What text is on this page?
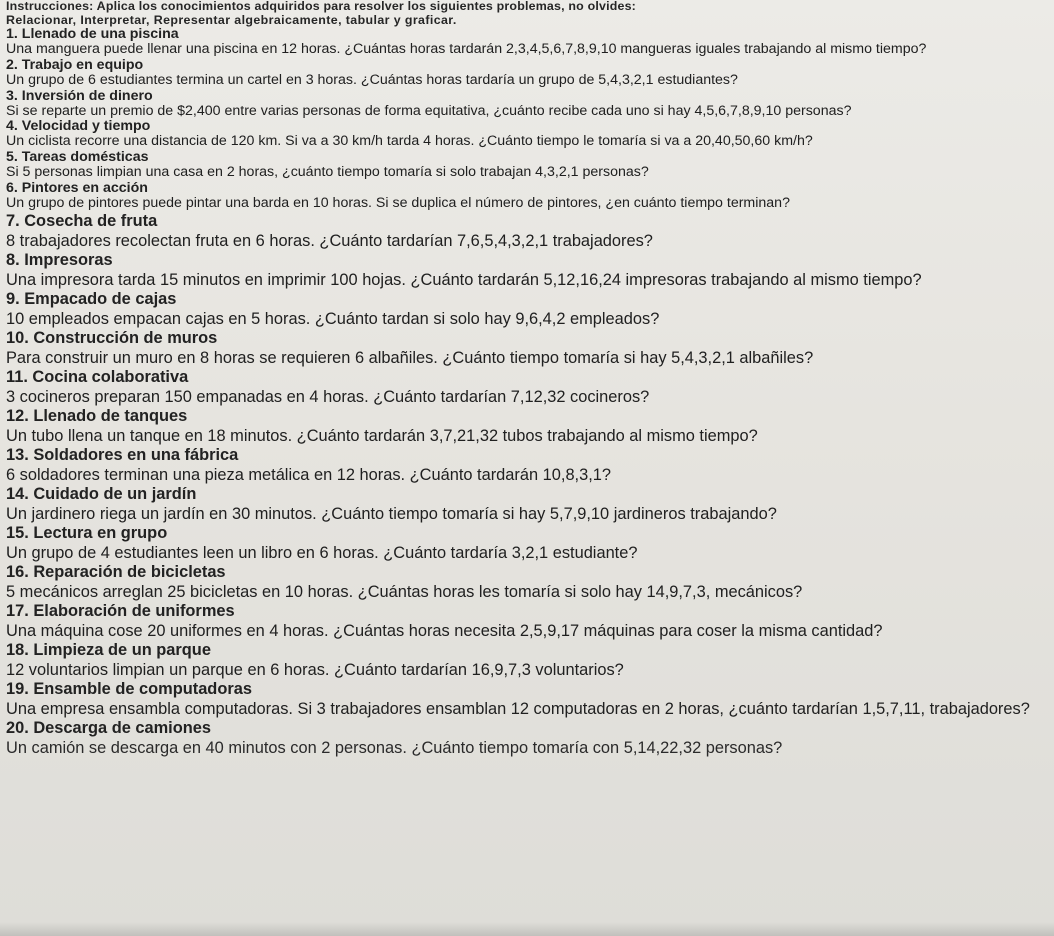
Instrucciones: Aplica los conocimientos adquiridos para resolver los siguientes problemas, no olvides:
Relacionar, Interpretar, Representar algebraicamente, tabular y graficar.
1. Llenado de una piscina
Una manguera puede llenar una piscina en 12 horas. ¿Cuántas horas tardarán 2,3,4,5,6,7,8,9,10 mangueras iguales trabajando al mismo tiempo?
2. Trabajo en equipo
Un grupo de 6 estudiantes termina un cartel en 3 horas. ¿Cuántas horas tardaría un grupo de 5,4,3,2,1 estudiantes?
3. Inversión de dinero
Si se reparte un premio de $2,400 entre varias personas de forma equitativa, ¿cuánto recibe cada uno si hay 4,5,6,7,8,9,10 personas?
4. Velocidad y tiempo
Un ciclista recorre una distancia de 120 km. Si va a 30 km/h tarda 4 horas. ¿Cuánto tiempo le tomaría si va a 20,40,50,60 km/h?
5. Tareas domésticas
Si 5 personas limpian una casa en 2 horas, ¿cuánto tiempo tomaría si solo trabajan 4,3,2,1 personas?
6. Pintores en acción
Un grupo de pintores puede pintar una barda en 10 horas. Si se duplica el número de pintores, ¿en cuánto tiempo terminan?
7. Cosecha de fruta
8 trabajadores recolectan fruta en 6 horas. ¿Cuánto tardarían 7,6,5,4,3,2,1 trabajadores?
8. Impresoras
Una impresora tarda 15 minutos en imprimir 100 hojas. ¿Cuánto tardarán 5,12,16,24 impresoras trabajando al mismo tiempo?
9. Empacado de cajas
10 empleados empacan cajas en 5 horas. ¿Cuánto tardan si solo hay 9,6,4,2 empleados?
10. Construcción de muros
Para construir un muro en 8 horas se requieren 6 albañiles. ¿Cuánto tiempo tomaría si hay 5,4,3,2,1 albañiles?
11. Cocina colaborativa
3 cocineros preparan 150 empanadas en 4 horas. ¿Cuánto tardarían 7,12,32 cocineros?
12. Llenado de tanques
Un tubo llena un tanque en 18 minutos. ¿Cuánto tardarán 3,7,21,32 tubos trabajando al mismo tiempo?
13. Soldadores en una fábrica
6 soldadores terminan una pieza metálica en 12 horas. ¿Cuánto tardarán 10,8,3,1?
14. Cuidado de un jardín
Un jardinero riega un jardín en 30 minutos. ¿Cuánto tiempo tomaría si hay 5,7,9,10 jardineros trabajando?
15. Lectura en grupo
Un grupo de 4 estudiantes leen un libro en 6 horas. ¿Cuánto tardaría 3,2,1 estudiante?
16. Reparación de bicicletas
5 mecánicos arreglan 25 bicicletas en 10 horas. ¿Cuántas horas les tomaría si solo hay 14,9,7,3, mecánicos?
17. Elaboración de uniformes
Una máquina cose 20 uniformes en 4 horas. ¿Cuántas horas necesita 2,5,9,17 máquinas para coser la misma cantidad?
18. Limpieza de un parque
12 voluntarios limpian un parque en 6 horas. ¿Cuánto tardarían 16,9,7,3 voluntarios?
19. Ensamble de computadoras
Una empresa ensambla computadoras. Si 3 trabajadores ensamblan 12 computadoras en 2 horas, ¿cuánto tardarían 1,5,7,11, trabajadores?
20. Descarga de camiones
Un camión se descarga en 40 minutos con 2 personas. ¿Cuánto tiempo tomaría con 5,14,22,32 personas?
